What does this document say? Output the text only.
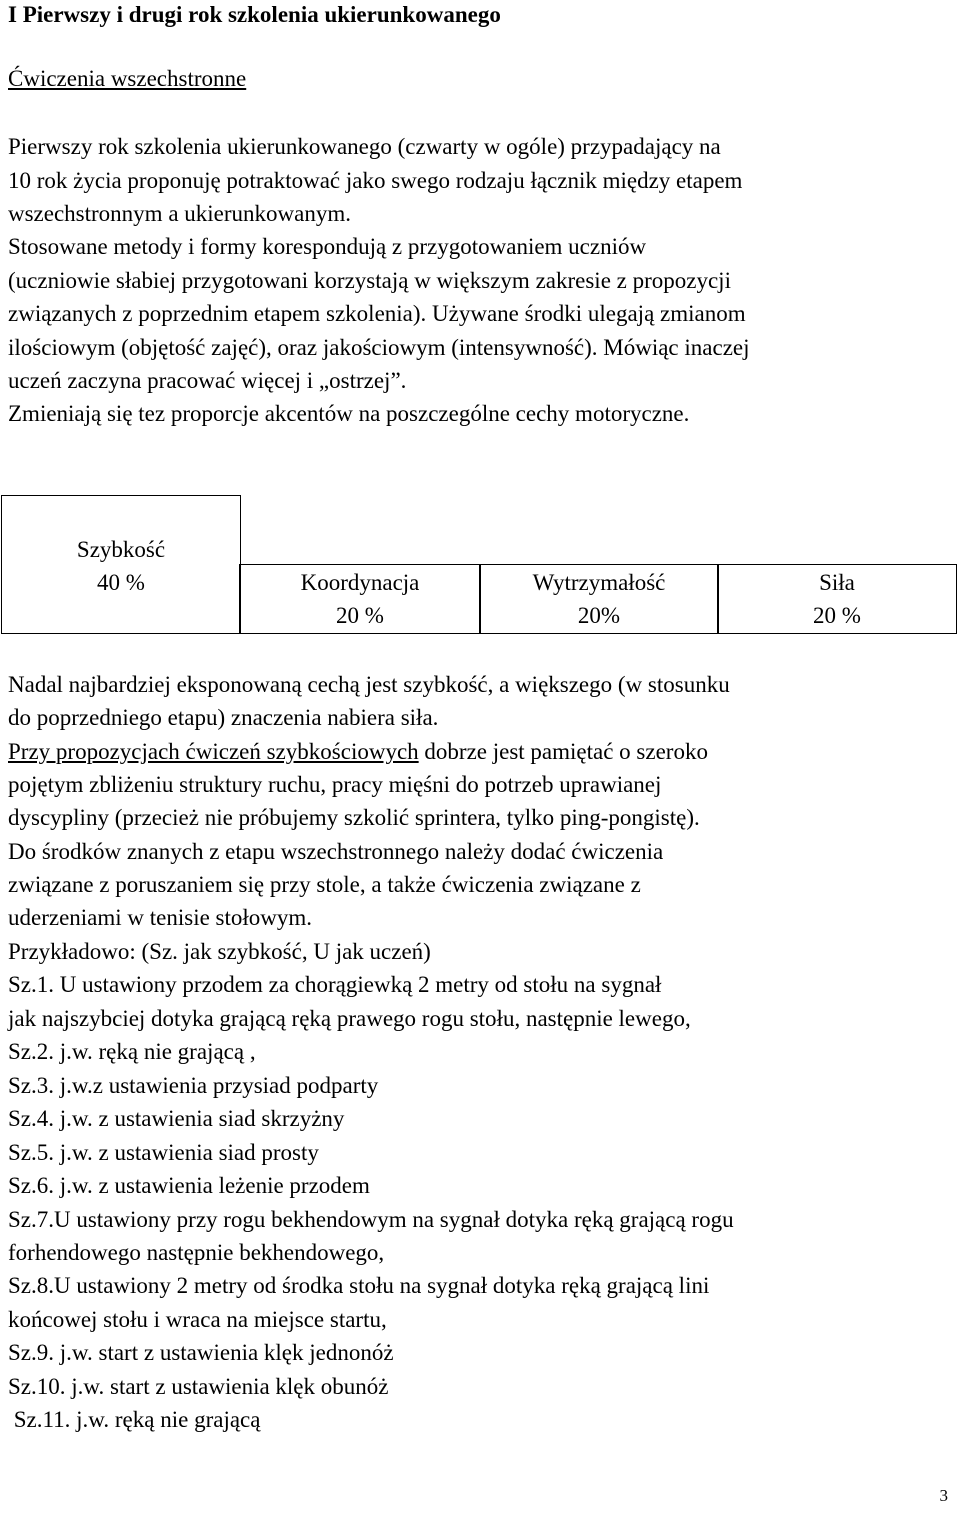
I Pierwszy i drugi rok szkolenia ukierunkowanego
Ćwiczenia wszechstronne
Pierwszy rok szkolenia ukierunkowanego (czwarty w ogóle) przypadający na
10 rok życia proponuję potraktować jako swego rodzaju łącznik między etapem
wszechstronnym a ukierunkowanym.
Stosowane metody i formy korespondują z przygotowaniem uczniów
(uczniowie słabiej przygotowani korzystają w większym zakresie z propozycji
związanych z poprzednim etapem szkolenia). Używane środki ulegają zmianom
ilościowym (objętość zajęć), oraz jakościowym (intensywność). Mówiąc inaczej
uczeń zaczyna pracować więcej i „ostrzej”.
Zmieniają się tez proporcje akcentów na poszczególne cechy motoryczne.
Szybkość
40 %	Koordynacja
20 %
Wytrzymałość
20%
Siła
20 %
Nadal najbardziej eksponowaną cechą jest szybkość, a większego (w stosunku
do poprzedniego etapu) znaczenia nabiera siła.
Przy propozycjach ćwiczeń szybkościowych dobrze jest pamiętać o szeroko
pojętym zbliżeniu struktury ruchu, pracy mięśni do potrzeb uprawianej
dyscypliny (przecież nie próbujemy szkolić sprintera, tylko ping-pongistę).
Do środków znanych z etapu wszechstronnego należy dodać ćwiczenia
związane z poruszaniem się przy stole, a także ćwiczenia związane z
uderzeniami w tenisie stołowym.
Przykładowo: (Sz. jak szybkość, U jak uczeń)
Sz.1. U ustawiony przodem za chorągiewką 2 metry od stołu na sygnał
jak najszybciej dotyka grającą ręką prawego rogu stołu, następnie lewego,
Sz.2. j.w. ręką nie grającą ,
Sz.3. j.w.z ustawienia przysiad podparty
Sz.4. j.w. z ustawienia siad skrzyżny
Sz.5. j.w. z ustawienia siad prosty
Sz.6. j.w. z ustawienia leżenie przodem
Sz.7.U ustawiony przy rogu bekhendowym na sygnał dotyka ręką grającą rogu
forhendowego następnie bekhendowego,
Sz.8.U ustawiony 2 metry od środka stołu na sygnał dotyka ręką grającą lini
końcowej stołu i wraca na miejsce startu,
Sz.9. j.w. start z ustawienia klęk jednonóż
Sz.10. j.w. start z ustawienia klęk obunóż
Sz.11. j.w. ręką nie grającą
3
